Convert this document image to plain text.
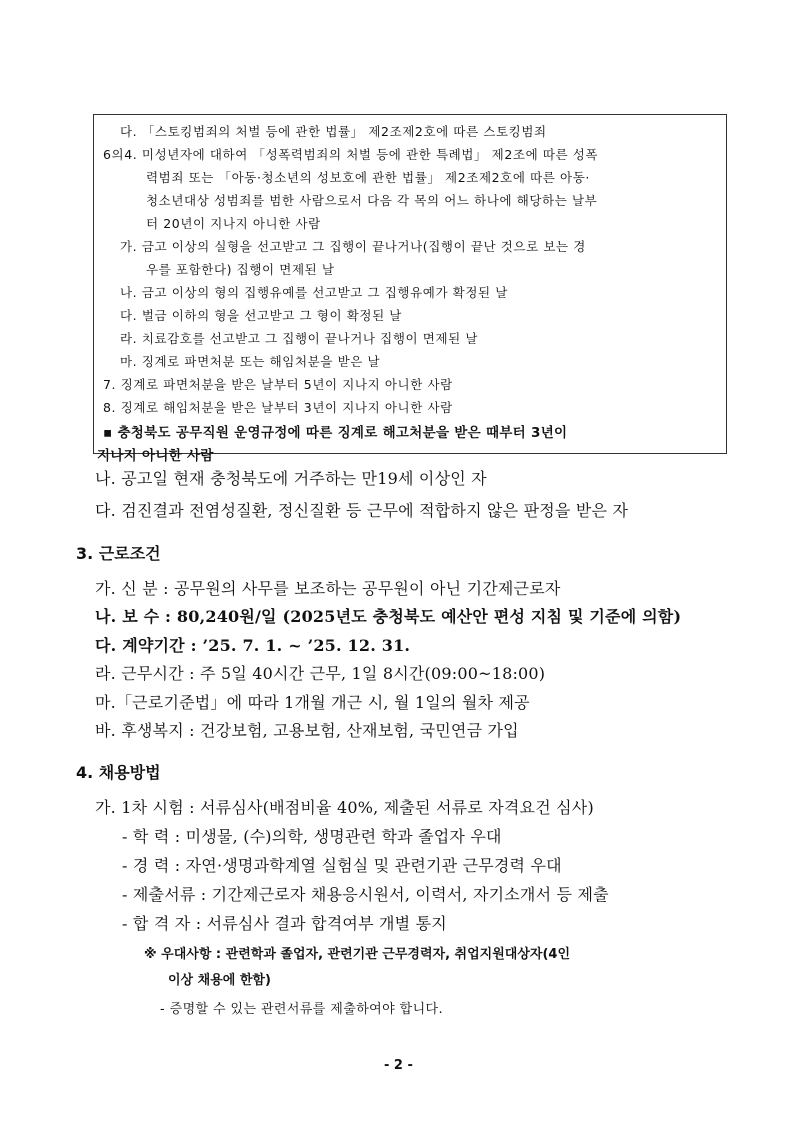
다. 「스토킹범죄의 처벌 등에 관한 법률」 제2조제2호에 따른 스토킹범죄
6의4. 미성년자에 대하여 「성폭력범죄의 처벌 등에 관한 특례법」 제2조에 따른 성폭
력범죄 또는 「아동·청소년의 성보호에 관한 법률」 제2조제2호에 따른 아동·
청소년대상 성범죄를 범한 사람으로서 다음 각 목의 어느 하나에 해당하는 날부
터 20년이 지나지 아니한 사람
가. 금고 이상의 실형을 선고받고 그 집행이 끝나거나(집행이 끝난 것으로 보는 경
우를 포함한다) 집행이 면제된 날
나. 금고 이상의 형의 집행유예를 선고받고 그 집행유예가 확정된 날
다. 벌금 이하의 형을 선고받고 그 형이 확정된 날
라. 치료감호를 선고받고 그 집행이 끝나거나 집행이 면제된 날
마. 징계로 파면처분 또는 해임처분을 받은 날
7. 징계로 파면처분을 받은 날부터 5년이 지나지 아니한 사람
8. 징계로 해임처분을 받은 날부터 3년이 지나지 아니한 사람
▪ 충청북도 공무직원 운영규정에 따른 징계로 해고처분을 받은 때부터 3년이
지나지 아니한 사람
나. 공고일 현재 충청북도에 거주하는 만19세 이상인 자
다. 검진결과 전염성질환, 정신질환 등 근무에 적합하지 않은 판정을 받은 자
3. 근로조건
가. 신 분 : 공무원의 사무를 보조하는 공무원이 아닌 기간제근로자
나. 보 수 : 80,240원/일 (2025년도 충청북도 예산안 편성 지침 및 기준에 의함)
다. 계약기간 : ’25. 7. 1. ~ ’25. 12. 31.
라. 근무시간 : 주 5일 40시간 근무, 1일 8시간(09:00~18:00)
마.「근로기준법」에 따라 1개월 개근 시, 월 1일의 월차 제공
바. 후생복지 : 건강보험, 고용보험, 산재보험, 국민연금 가입
4. 채용방법
가. 1차 시험 : 서류심사(배점비율 40%, 제출된 서류로 자격요건 심사)
- 학 력 : 미생물, (수)의학, 생명관련 학과 졸업자 우대
- 경 력 : 자연·생명과학계열 실험실 및 관련기관 근무경력 우대
- 제출서류 : 기간제근로자 채용응시원서, 이력서, 자기소개서 등 제출
- 합 격 자 : 서류심사 결과 합격여부 개별 통지
※ 우대사항 : 관련학과 졸업자, 관련기관 근무경력자, 취업지원대상자(4인
이상 채용에 한함)
- 증명할 수 있는 관련서류를 제출하여야 합니다.
- 2 -
